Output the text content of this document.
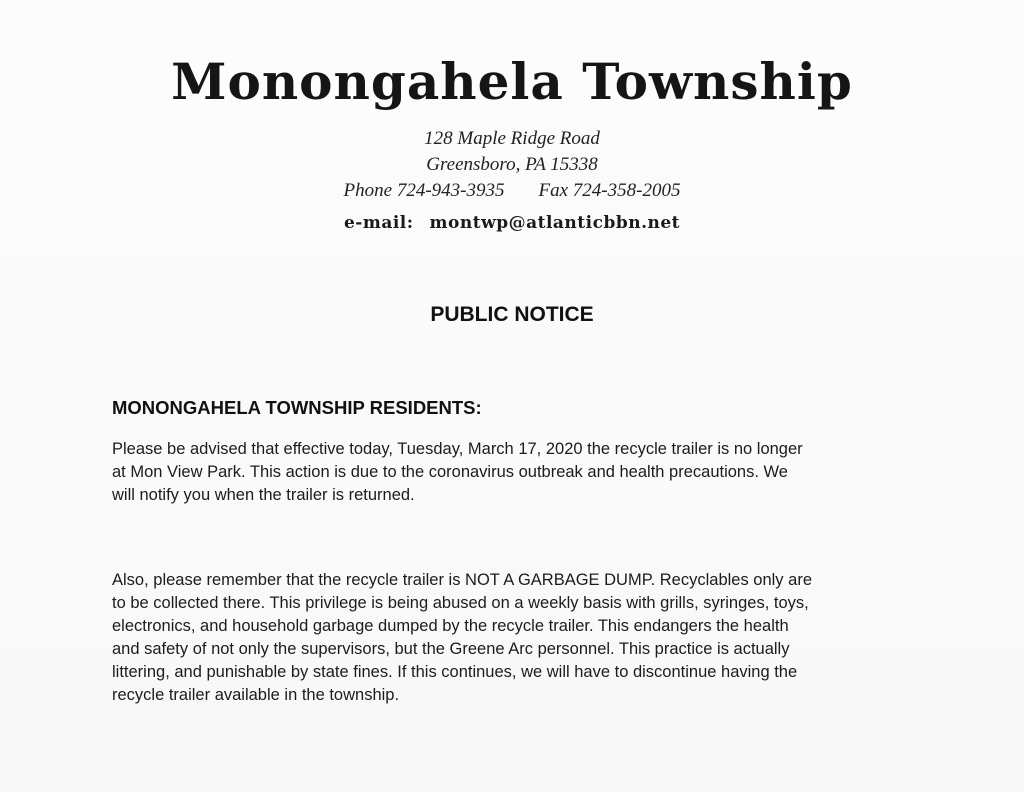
Monongahela Township
128 Maple Ridge Road
Greensboro, PA 15338
Phone 724-943-3935 Fax 724-358-2005
e-mail: montwp@atlanticbbn.net
PUBLIC NOTICE
MONONGAHELA TOWNSHIP RESIDENTS:
Please be advised that effective today, Tuesday, March 17, 2020 the recycle trailer is no longer
at Mon View Park. This action is due to the coronavirus outbreak and health precautions. We
will notify you when the trailer is returned.
Also, please remember that the recycle trailer is NOT A GARBAGE DUMP. Recyclables only are
to be collected there. This privilege is being abused on a weekly basis with grills, syringes, toys,
electronics, and household garbage dumped by the recycle trailer. This endangers the health
and safety of not only the supervisors, but the Greene Arc personnel. This practice is actually
littering, and punishable by state fines. If this continues, we will have to discontinue having the
recycle trailer available in the township.
